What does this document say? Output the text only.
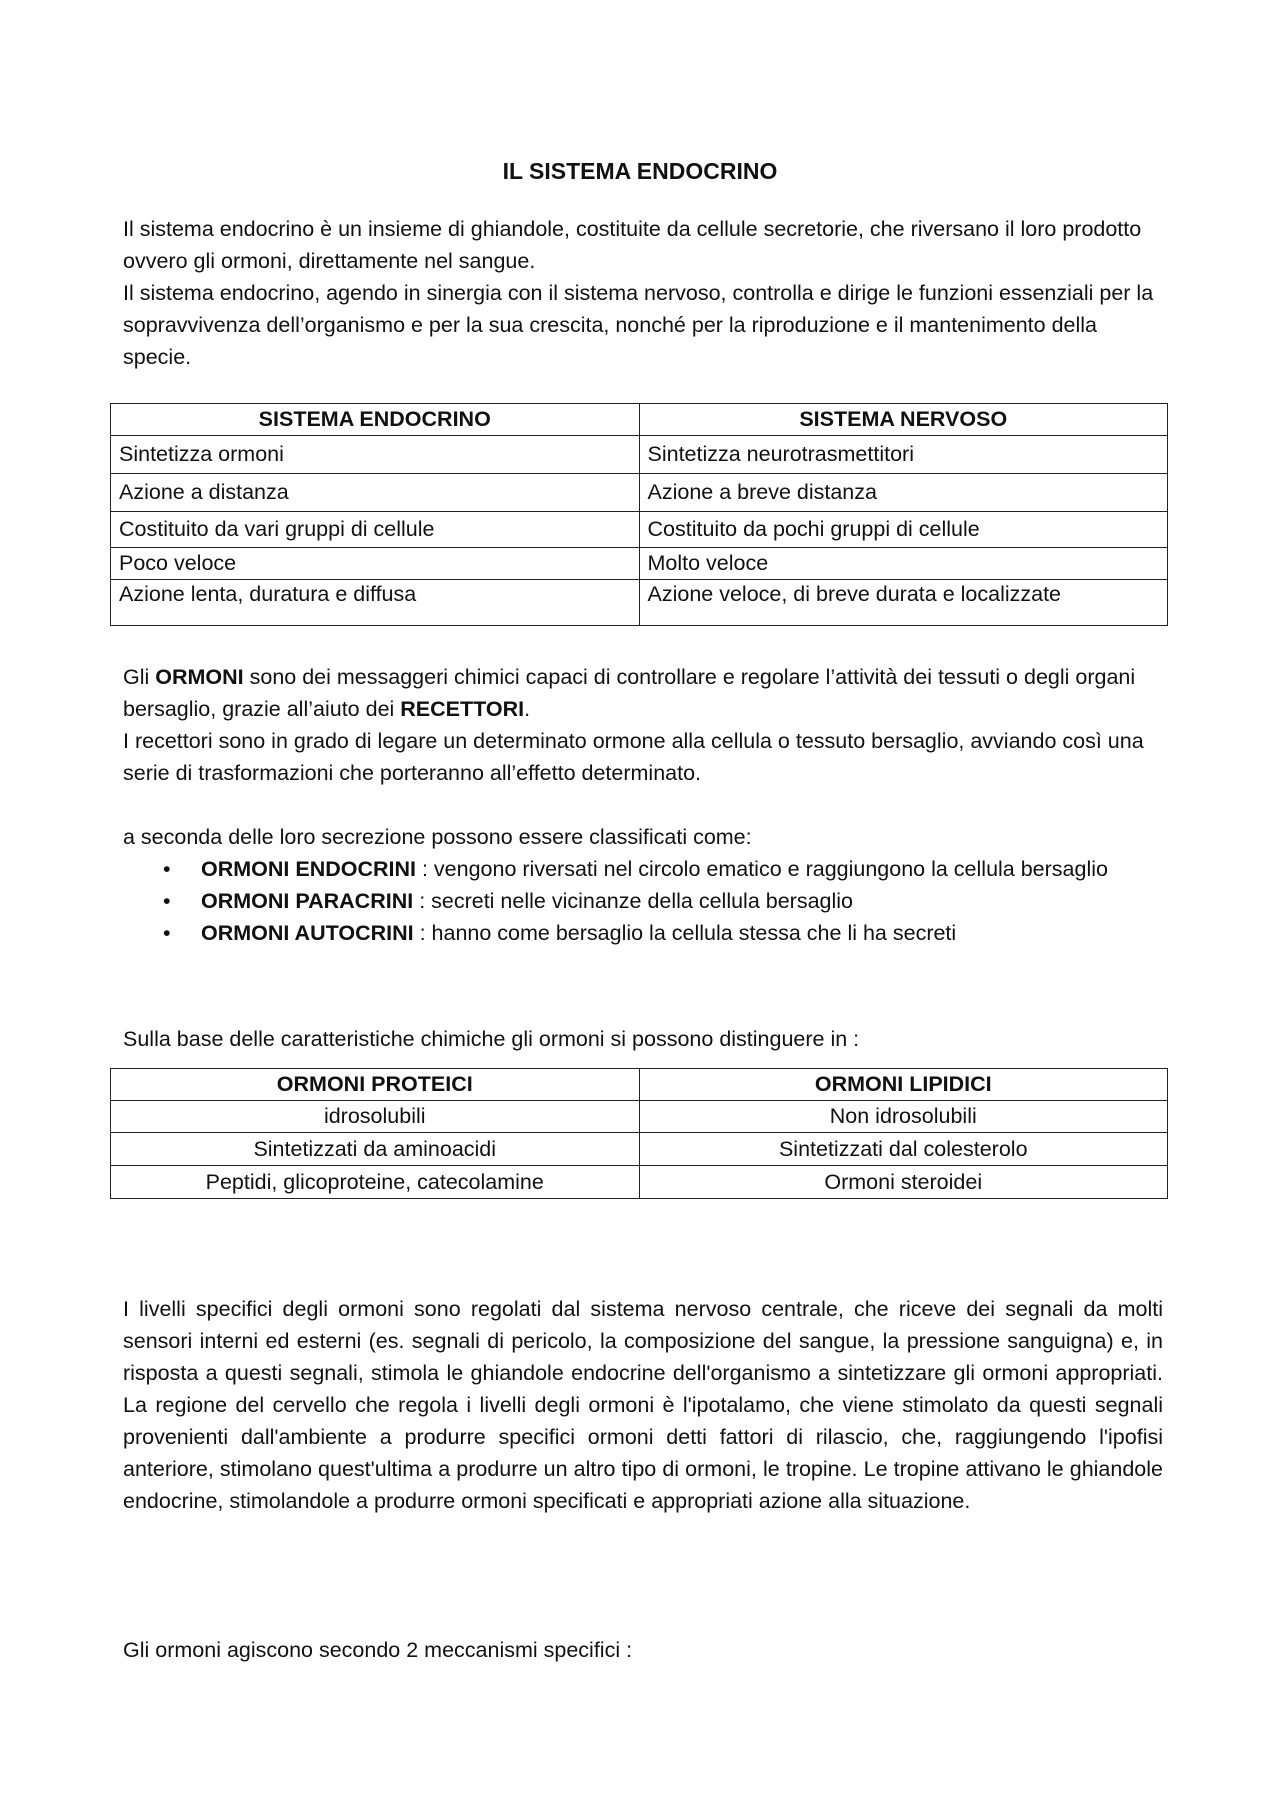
IL SISTEMA ENDOCRINO

Il sistema endocrino è un insieme di ghiandole, costituite da cellule secretorie, che riversano il loro prodotto ovvero gli ormoni, direttamente nel sangue.

Il sistema endocrino, agendo in sinergia con il sistema nervoso, controlla e dirige le funzioni essenziali per la sopravvivenza dell’organismo e per la sua crescita, nonché per la riproduzione e il mantenimento della specie.

SISTEMA ENDOCRINO	SISTEMA NERVOSO
Sintetizza ormoni	Sintetizza neurotrasmettitori
Azione a distanza	Azione a breve distanza
Costituito da vari gruppi di cellule	Costituito da pochi gruppi di cellule
Poco veloce	Molto veloce
Azione lenta, duratura e diffusa	Azione veloce, di breve durata e localizzate

Gli ORMONI sono dei messaggeri chimici capaci di controllare e regolare l’attività dei tessuti o degli organi bersaglio, grazie all’aiuto dei RECETTORI.

I recettori sono in grado di legare un determinato ormone alla cellula o tessuto bersaglio, avviando così una serie di trasformazioni che porteranno all’effetto determinato.

a seconda delle loro secrezione possono essere classificati come:

• ORMONI ENDOCRINI : vengono riversati nel circolo ematico e raggiungono la cellula bersaglio
• ORMONI PARACRINI : secreti nelle vicinanze della cellula bersaglio
• ORMONI AUTOCRINI : hanno come bersaglio la cellula stessa che li ha secreti

Sulla base delle caratteristiche chimiche gli ormoni si possono distinguere in :

ORMONI PROTEICI	ORMONI LIPIDICI
idrosolubili	Non idrosolubili
Sintetizzati da aminoacidi	Sintetizzati dal colesterolo
Peptidi, glicoproteine, catecolamine	Ormoni steroidei

I livelli specifici degli ormoni sono regolati dal sistema nervoso centrale, che riceve dei segnali da molti sensori interni ed esterni (es. segnali di pericolo, la composizione del sangue, la pressione sanguigna) e, in risposta a questi segnali, stimola le ghiandole endocrine dell'organismo a sintetizzare gli ormoni appropriati. La regione del cervello che regola i livelli degli ormoni è l'ipotalamo, che viene stimolato da questi segnali provenienti dall'ambiente a produrre specifici ormoni detti fattori di rilascio, che, raggiungendo l'ipofisi anteriore, stimolano quest'ultima a produrre un altro tipo di ormoni, le tropine. Le tropine attivano le ghiandole endocrine, stimolandole a produrre ormoni specificati e appropriati azione alla situazione.

Gli ormoni agiscono secondo 2 meccanismi specifici :
